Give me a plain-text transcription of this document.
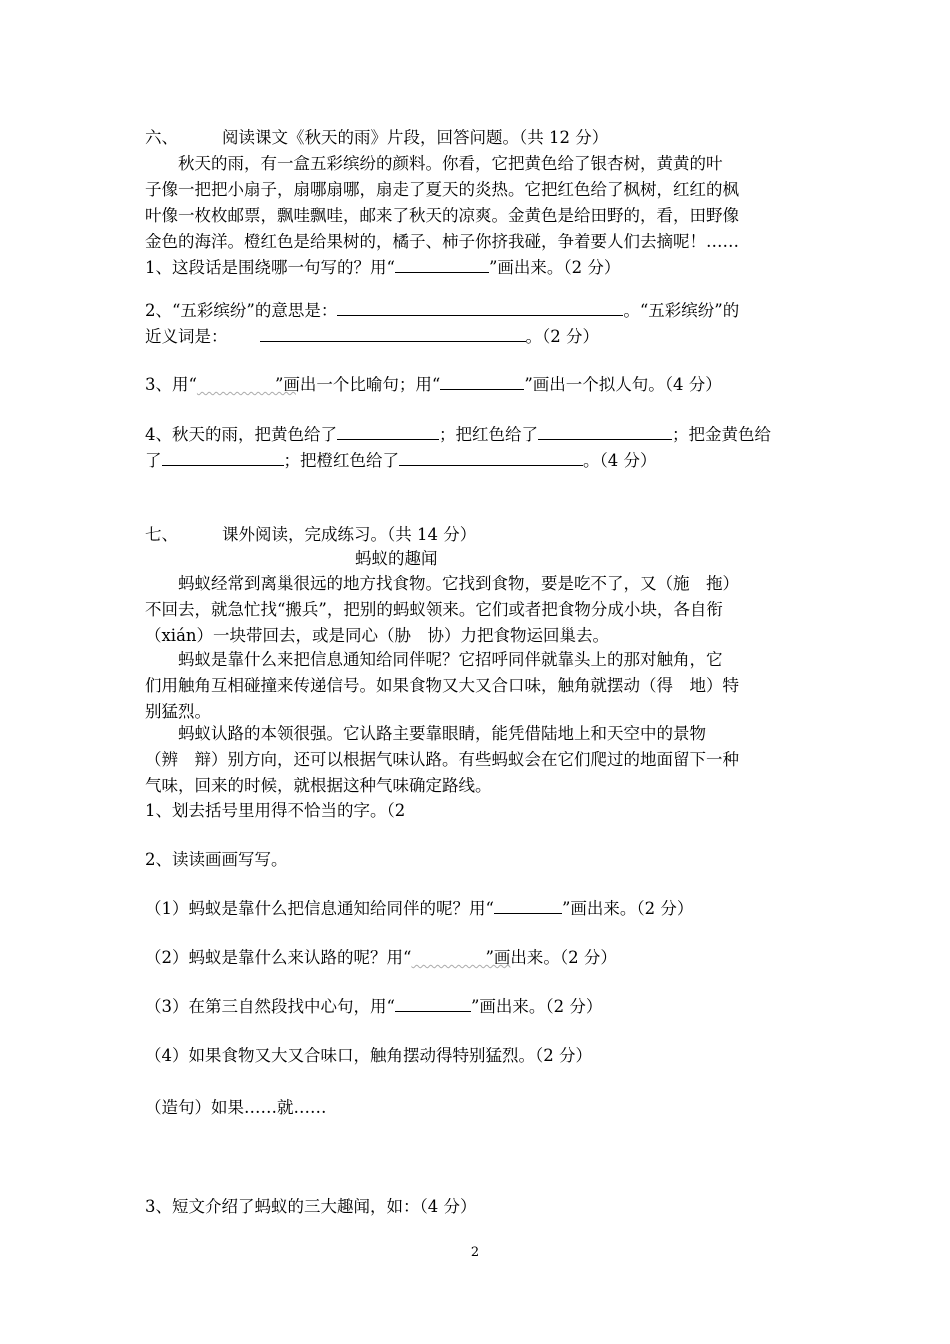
六、	阅读课文《秋天的雨》片段，回答问题。（共 12 分）
　　秋天的雨，有一盒五彩缤纷的颜料。你看，它把黄色给了银杏树，黄黄的叶
子像一把把小扇子，扇哪扇哪，扇走了夏天的炎热。它把红色给了枫树，红红的枫
叶像一枚枚邮票，飘哇飘哇，邮来了秋天的凉爽。金黄色是给田野的，看，田野像
金色的海洋。橙红色是给果树的，橘子、柿子你挤我碰，争着要人们去摘呢！……
1、这段话是围绕哪一句写的？用“	”画出来。（2 分）
2、“五彩缤纷”的意思是：	。“五彩缤纷”的
近义词是：	。（2 分）
3、用“	”画出一个比喻句；用“	”画出一个拟人句。（4 分）
4、秋天的雨，把黄色给了	；把红色给了	；把金黄色给
了	；把橙红色给了	。（4 分）
七、	课外阅读，完成练习。（共 14 分）
蚂蚁的趣闻
　　蚂蚁经常到离巢很远的地方找食物。它找到食物，要是吃不了，又（施　拖）
不回去，就急忙找“搬兵”，把别的蚂蚁领来。它们或者把食物分成小块，各自衔
（xián）一块带回去，或是同心（胁　协）力把食物运回巢去。
　　蚂蚁是靠什么来把信息通知给同伴呢？它招呼同伴就靠头上的那对触角，它
们用触角互相碰撞来传递信号。如果食物又大又合口味，触角就摆动（得　地）特
别猛烈。
　　蚂蚁认路的本领很强。它认路主要靠眼睛，能凭借陆地上和天空中的景物
（辨　辩）别方向，还可以根据气味认路。有些蚂蚁会在它们爬过的地面留下一种
气味，回来的时候，就根据这种气味确定路线。
1、划去括号里用得不恰当的字。（2
2、读读画画写写。
（1）蚂蚁是靠什么把信息通知给同伴的呢？用“	”画出来。（2 分）
（2）蚂蚁是靠什么来认路的呢？用“	”画出来。（2 分）
（3）在第三自然段找中心句，用“	”画出来。（2 分）
（4）如果食物又大又合味口，触角摆动得特别猛烈。（2 分）
（造句）如果……就……
3、短文介绍了蚂蚁的三大趣闻，如：（4 分）
2
